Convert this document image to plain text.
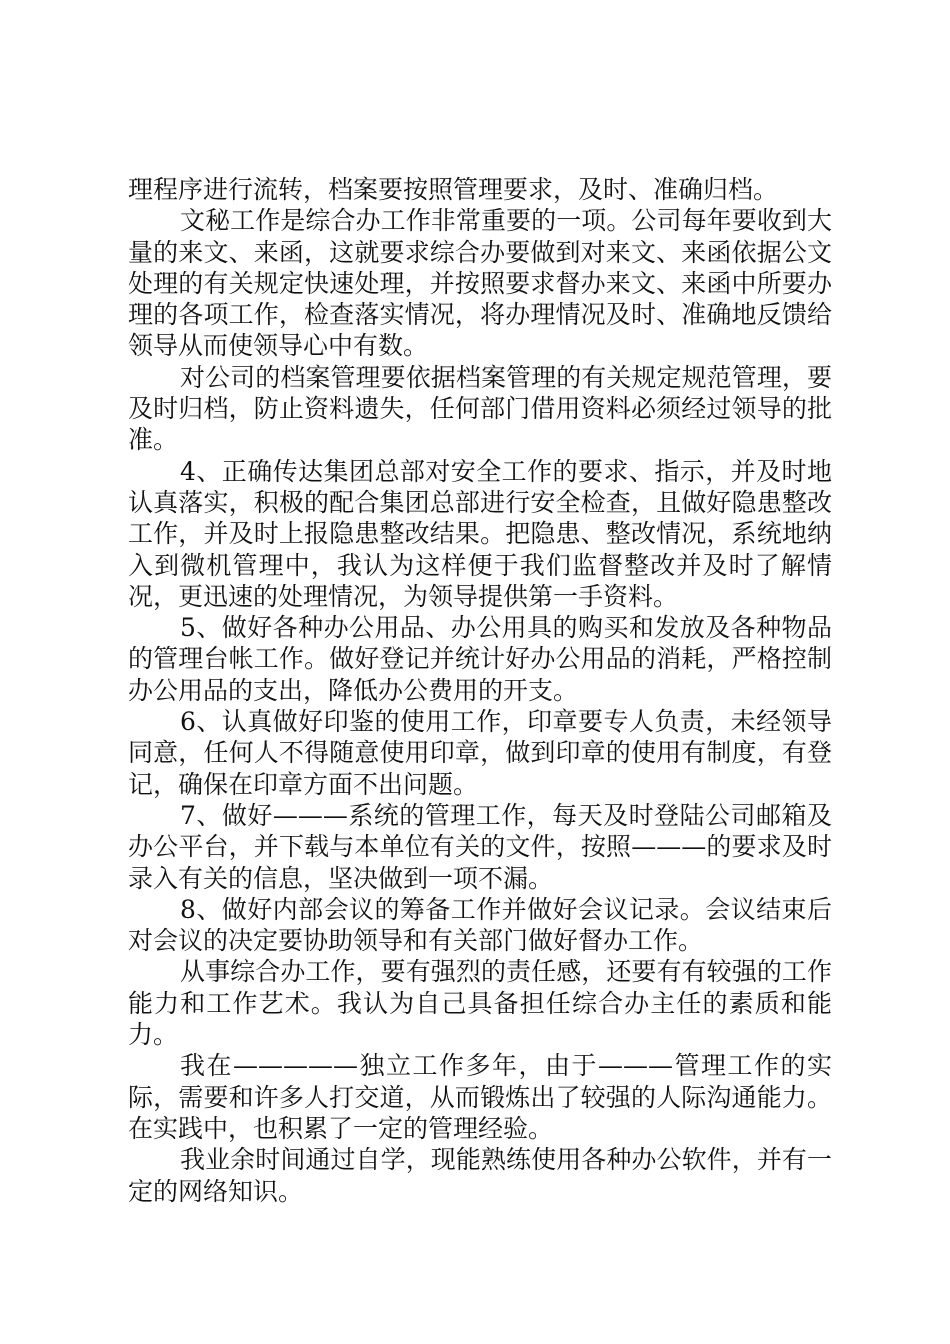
理程序进行流转，档案要按照管理要求，及时、准确归档。

文秘工作是综合办工作非常重要的一项。公司每年要收到大量的来文、来函，这就要求综合办要做到对来文、来函依据公文处理的有关规定快速处理，并按照要求督办来文、来函中所要办理的各项工作，检查落实情况，将办理情况及时、准确地反馈给领导从而使领导心中有数。

对公司的档案管理要依据档案管理的有关规定规范管理，要及时归档，防止资料遗失，任何部门借用资料必须经过领导的批准。

4、正确传达集团总部对安全工作的要求、指示，并及时地认真落实，积极的配合集团总部进行安全检查，且做好隐患整改工作，并及时上报隐患整改结果。把隐患、整改情况，系统地纳入到微机管理中，我认为这样便于我们监督整改并及时了解情况，更迅速的处理情况，为领导提供第一手资料。

5、做好各种办公用品、办公用具的购买和发放及各种物品的管理台帐工作。做好登记并统计好办公用品的消耗，严格控制办公用品的支出，降低办公费用的开支。

6、认真做好印鉴的使用工作，印章要专人负责，未经领导同意，任何人不得随意使用印章，做到印章的使用有制度，有登记，确保在印章方面不出问题。

7、做好———系统的管理工作，每天及时登陆公司邮箱及办公平台，并下载与本单位有关的文件，按照———的要求及时录入有关的信息，坚决做到一项不漏。

8、做好内部会议的筹备工作并做好会议记录。会议结束后对会议的决定要协助领导和有关部门做好督办工作。

从事综合办工作，要有强烈的责任感，还要有有较强的工作能力和工作艺术。我认为自己具备担任综合办主任的素质和能力。

我在—————独立工作多年，由于———管理工作的实际，需要和许多人打交道，从而锻炼出了较强的人际沟通能力。在实践中，也积累了一定的管理经验。

我业余时间通过自学，现能熟练使用各种办公软件，并有一定的网络知识。
